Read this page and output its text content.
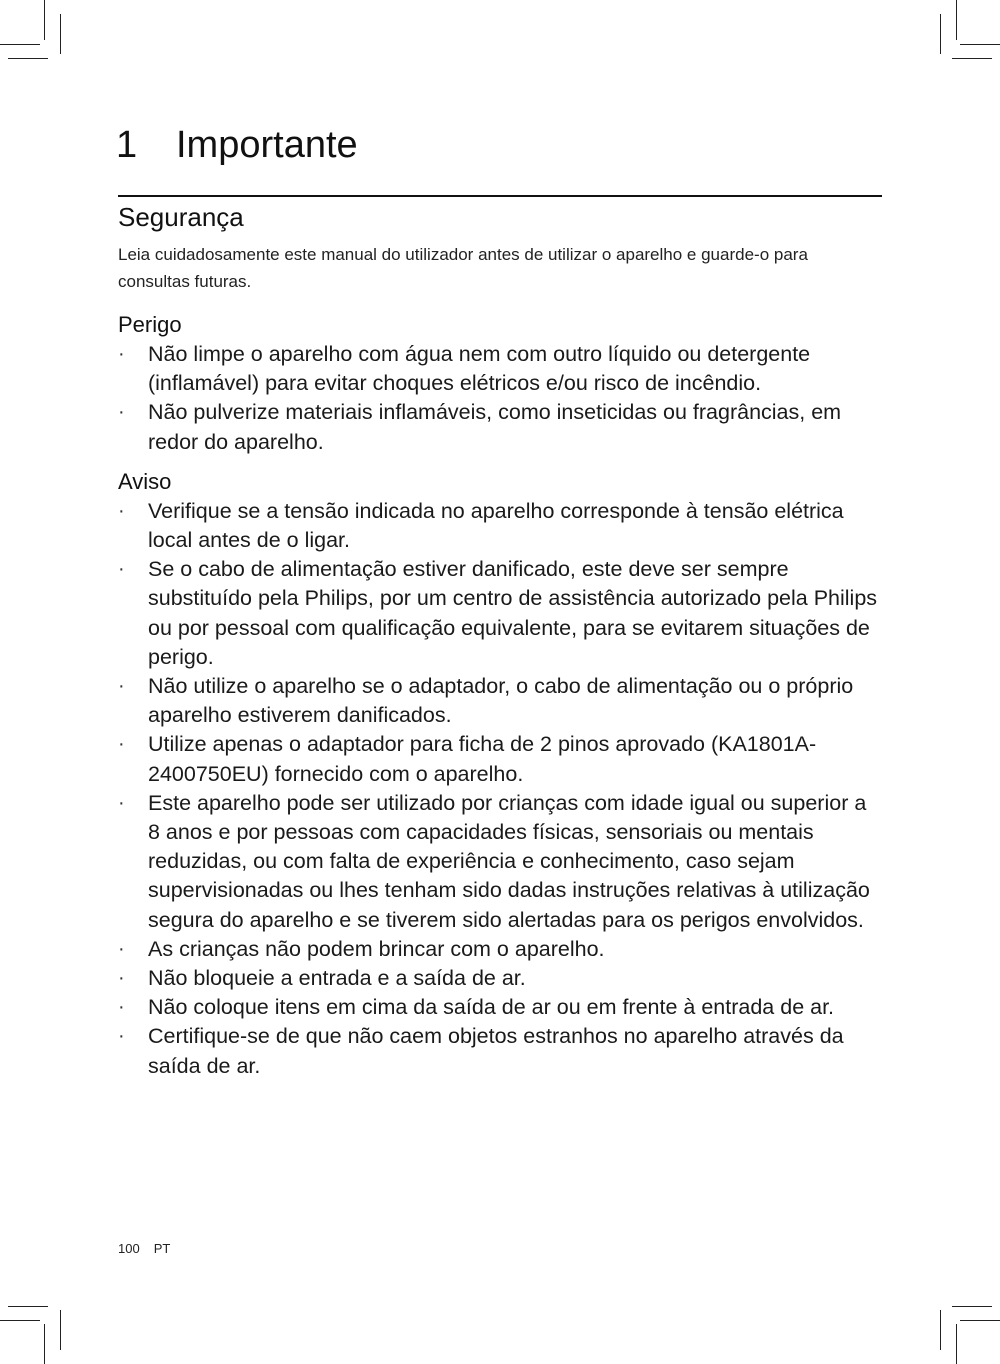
1 Importante
Segurança
Leia cuidadosamente este manual do utilizador antes de utilizar o aparelho e guarde-o para consultas futuras.
Perigo
· Não limpe o aparelho com água nem com outro líquido ou detergente (inflamável) para evitar choques elétricos e/ou risco de incêndio.
· Não pulverize materiais inflamáveis, como inseticidas ou fragrâncias, em redor do aparelho.
Aviso
· Verifique se a tensão indicada no aparelho corresponde à tensão elétrica local antes de o ligar.
· Se o cabo de alimentação estiver danificado, este deve ser sempre substituído pela Philips, por um centro de assistência autorizado pela Philips ou por pessoal com qualificação equivalente, para se evitarem situações de perigo.
· Não utilize o aparelho se o adaptador, o cabo de alimentação ou o próprio aparelho estiverem danificados.
· Utilize apenas o adaptador para ficha de 2 pinos aprovado (KA1801A-2400750EU) fornecido com o aparelho.
· Este aparelho pode ser utilizado por crianças com idade igual ou superior a 8 anos e por pessoas com capacidades físicas, sensoriais ou mentais reduzidas, ou com falta de experiência e conhecimento, caso sejam supervisionadas ou lhes tenham sido dadas instruções relativas à utilização segura do aparelho e se tiverem sido alertadas para os perigos envolvidos.
· As crianças não podem brincar com o aparelho.
· Não bloqueie a entrada e a saída de ar.
· Não coloque itens em cima da saída de ar ou em frente à entrada de ar.
· Certifique-se de que não caem objetos estranhos no aparelho através da saída de ar.
100 PT
